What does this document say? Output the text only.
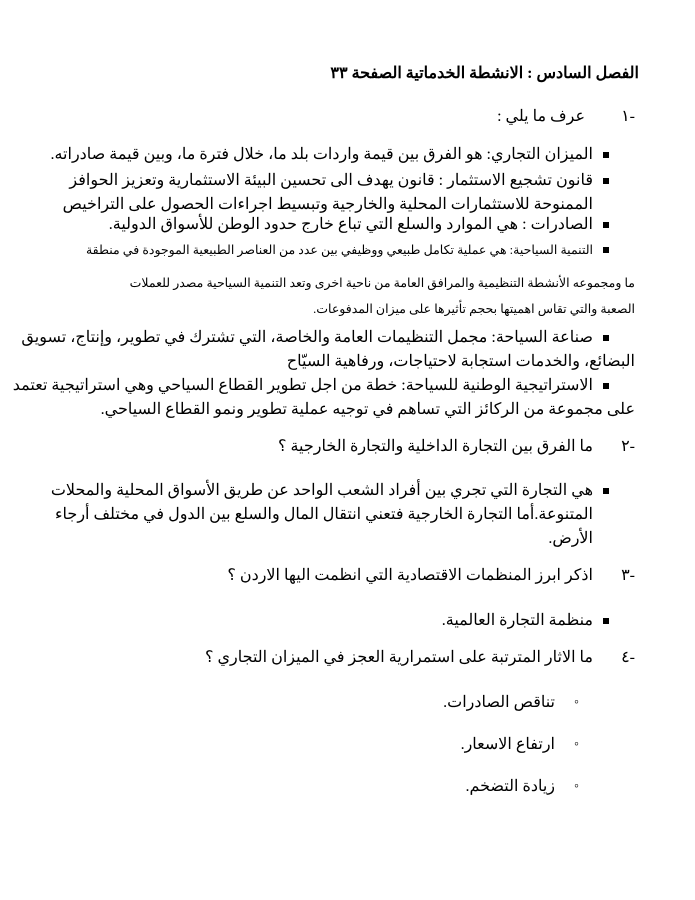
الفصل السادس : الانشطة الخدماتية الصفحة ٣٣
-١
عرف ما يلي :
الميزان التجاري: هو الفرق بين قيمة واردات بلد ما، خلال فترة ما، وبين قيمة صادراته.
قانون تشجيع الاستثمار : قانون يهدف الى تحسين البيئة الاستثمارية وتعزيز الحوافز
الممنوحة للاستثمارات المحلية والخارجية وتبسيط اجراءات الحصول على التراخيص
الصادرات : هي الموارد والسلع التي تباع خارج حدود الوطن للأسواق الدولية.
التنمية السياحية: هي عملية تكامل طبيعي ووظيفي بين عدد من العناصر الطبيعية الموجودة في منطقة
ما ومجموعه الأنشطة التنظيمية والمرافق العامة من ناحية اخرى وتعد التنمية السياحية مصدر للعملات
الصعبة والتي تقاس اهميتها بحجم تأثيرها على ميزان المدفوعات.
صناعة السياحة: مجمل التنظيمات العامة والخاصة، التي تشترك في تطوير، وإنتاج، تسويق
البضائع، والخدمات استجابة لاحتياجات، ورفاهية السيّاح
الاستراتيجية الوطنية للسياحة: خطة من اجل تطوير القطاع السياحي وهي استراتيجية تعتمد
على مجموعة من الركائز التي تساهم في توجيه عملية تطوير ونمو القطاع السياحي.
-٢
ما الفرق بين التجارة الداخلية والتجارة الخارجية ؟
هي التجارة التي تجري بين أفراد الشعب الواحد عن طريق الأسواق المحلية والمحلات
المتنوعة.أما التجارة الخارجية فتعني انتقال المال والسلع بين الدول في مختلف أرجاء
الأرض.
-٣
اذكر ابرز المنظمات الاقتصادية التي انظمت اليها الاردن ؟
منظمة التجارة العالمية.
-٤
ما الاثار المترتبة على استمرارية العجز في الميزان التجاري ؟
◦
تناقص الصادرات.
◦
ارتفاع الاسعار.
◦
زيادة التضخم.
